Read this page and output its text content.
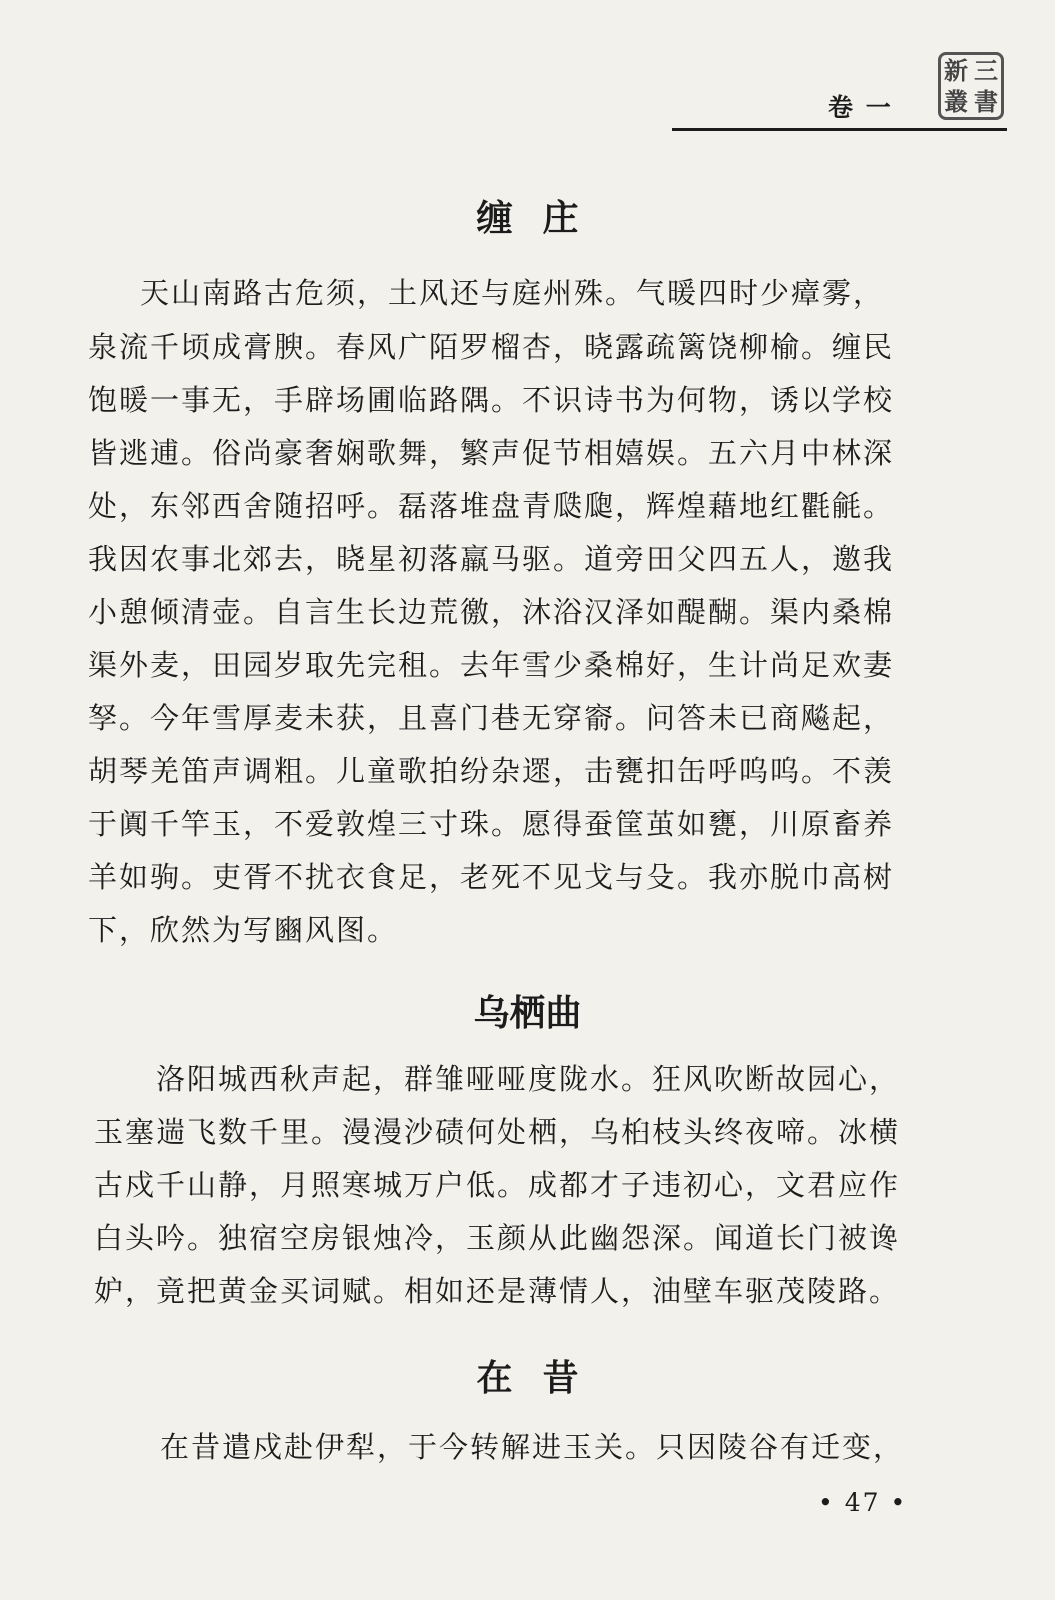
卷 一
新 三
叢 書
缠庄
天山南路古危须，土风还与庭州殊。气暖四时少瘴雾，
泉流千顷成膏腴。春风广陌罗榴杏，晓露疏篱饶柳榆。缠民
饱暖一事无，手辟场圃临路隅。不识诗书为何物，诱以学校
皆逃逋。俗尚豪奢娴歌舞，繁声促节相嬉娱。五六月中林深
处，东邻西舍随招呼。磊落堆盘青瓞瓟，辉煌藉地红氍毹。
我因农事北郊去，晓星初落羸马驱。道旁田父四五人，邀我
小憩倾清壶。自言生长边荒徼，沐浴汉泽如醍醐。渠内桑棉
渠外麦，田园岁取先完租。去年雪少桑棉好，生计尚足欢妻
孥。今年雪厚麦未获，且喜门巷无穿窬。问答未已商飚起，
胡琴羌笛声调粗。儿童歌拍纷杂遝，击甕扣缶呼呜呜。不羡
于阗千竿玉，不爱敦煌三寸珠。愿得蚕筐茧如甕，川原畜养
羊如驹。吏胥不扰衣食足，老死不见戈与殳。我亦脱巾高树
下，欣然为写豳风图。
乌栖曲
洛阳城西秋声起，群雏哑哑度陇水。狂风吹断故园心，
玉塞遄飞数千里。漫漫沙碛何处栖，乌桕枝头终夜啼。冰横
古戍千山静，月照寒城万户低。成都才子违初心，文君应作
白头吟。独宿空房银烛冷，玉颜从此幽怨深。闻道长门被谗
妒，竟把黄金买词赋。相如还是薄情人，油壁车驱茂陵路。
在昔
在昔遣戍赴伊犁，于今转解进玉关。只因陵谷有迁变，
• 47 •
